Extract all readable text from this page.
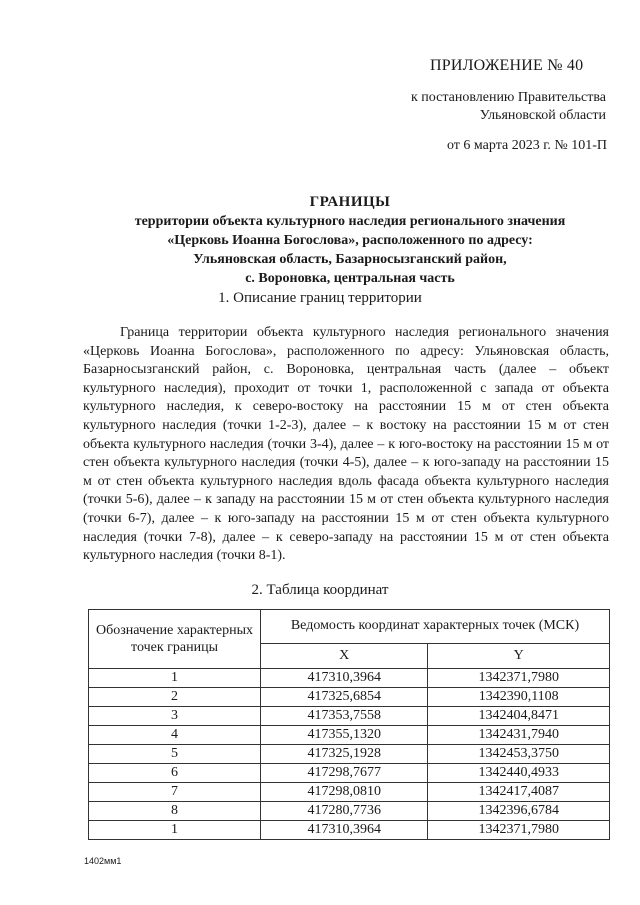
ПРИЛОЖЕНИЕ № 40
к постановлению Правительства
Ульяновской области
от 6 марта 2023 г. № 101-П
ГРАНИЦЫ
территории объекта культурного наследия регионального значения
«Церковь Иоанна Богослова», расположенного по адресу:
Ульяновская область, Базарносызганский район,
с. Вороновка, центральная часть
1. Описание границ территории

Граница территории объекта культурного наследия регионального значения «Церковь Иоанна Богослова», расположенного по адресу: Ульяновская область, Базарносызганский район, с. Вороновка, центральная часть (далее – объект культурного наследия), проходит от точки 1, расположенной с запада от объекта культурного наследия, к северо-востоку на расстоянии 15 м от стен объекта культурного наследия (точки 1-2-3), далее – к востоку на расстоянии 15 м от стен объекта культурного наследия (точки 3-4), далее – к юго-востоку на расстоянии 15 м от стен объекта культурного наследия (точки 4-5), далее – к юго-западу на расстоянии 15 м от стен объекта культурного наследия вдоль фасада объекта культурного наследия (точки 5-6), далее – к западу на расстоянии 15 м от стен объекта культурного наследия (точки 6-7), далее – к юго-западу на расстоянии 15 м от стен объекта культурного наследия (точки 7-8), далее – к северо-западу на расстоянии 15 м от стен объекта культурного наследия (точки 8-1).

2. Таблица координат
Обозначение характерных точек границы	Ведомость координат характерных точек (МСК)	
	X	Y
1	417310,3964	1342371,7980
2	417325,6854	1342390,1108
3	417353,7558	1342404,8471
4	417355,1320	1342431,7940
5	417325,1928	1342453,3750
6	417298,7677	1342440,4933
7	417298,0810	1342417,4087
8	417280,7736	1342396,6784
1	417310,3964	1342371,7980
1402мм1
